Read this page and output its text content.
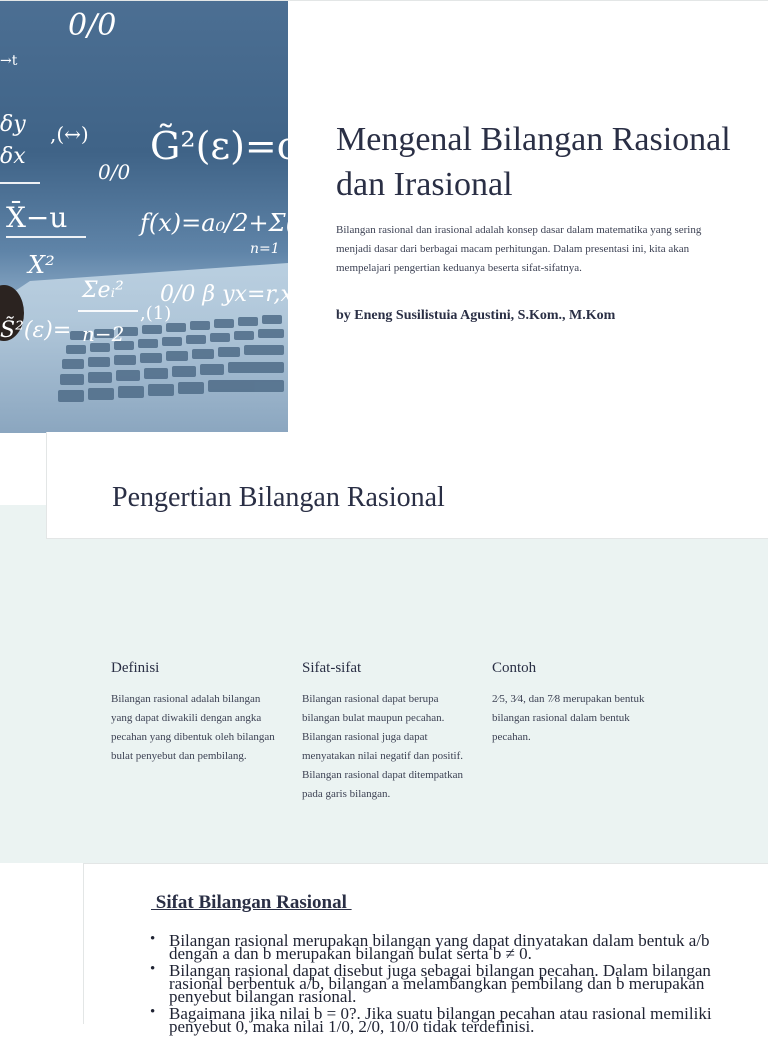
0/0
→t
δy
δx
,(↔) G̃²(ε)=ς
0/0
X̄−u
X²
f(x)=a₀/2+Σ(
n=1
Σeᵢ² 0/0 β yx=r,x
S̃²(ε)= n−2
,(1)
Mengenal Bilangan Rasional dan Irasional

Bilangan rasional dan irasional adalah konsep dasar dalam matematika yang sering menjadi dasar dari berbagai macam perhitungan. Dalam presentasi ini, kita akan mempelajari pengertian keduanya beserta sifat-sifatnya.

by Eneng Susilistuia Agustini, S.Kom., M.Kom

Pengertian Bilangan Rasional
Definisi

Bilangan rasional adalah bilangan yang dapat diwakili dengan angka pecahan yang dibentuk oleh bilangan bulat penyebut dan pembilang.

Sifat-sifat

Bilangan rasional dapat berupa bilangan bulat maupun pecahan. Bilangan rasional juga dapat menyatakan nilai negatif dan positif. Bilangan rasional dapat ditempatkan pada garis bilangan.

Contoh

2⁄5, 3⁄4, dan 7⁄8 merupakan bentuk bilangan rasional dalam bentuk pecahan.

Sifat Bilangan Rasional
• Bilangan rasional merupakan bilangan yang dapat dinyatakan dalam bentuk a/b dengan a dan b merupakan bilangan bulat serta b ≠ 0.
• Bilangan rasional dapat disebut juga sebagai bilangan pecahan. Dalam bilangan rasional berbentuk a/b, bilangan a melambangkan pembilang dan b merupakan penyebut bilangan rasional.
• Bagaimana jika nilai b = 0?. Jika suatu bilangan pecahan atau rasional memiliki penyebut 0, maka nilai 1/0, 2/0, 10/0 tidak terdefinisi.
